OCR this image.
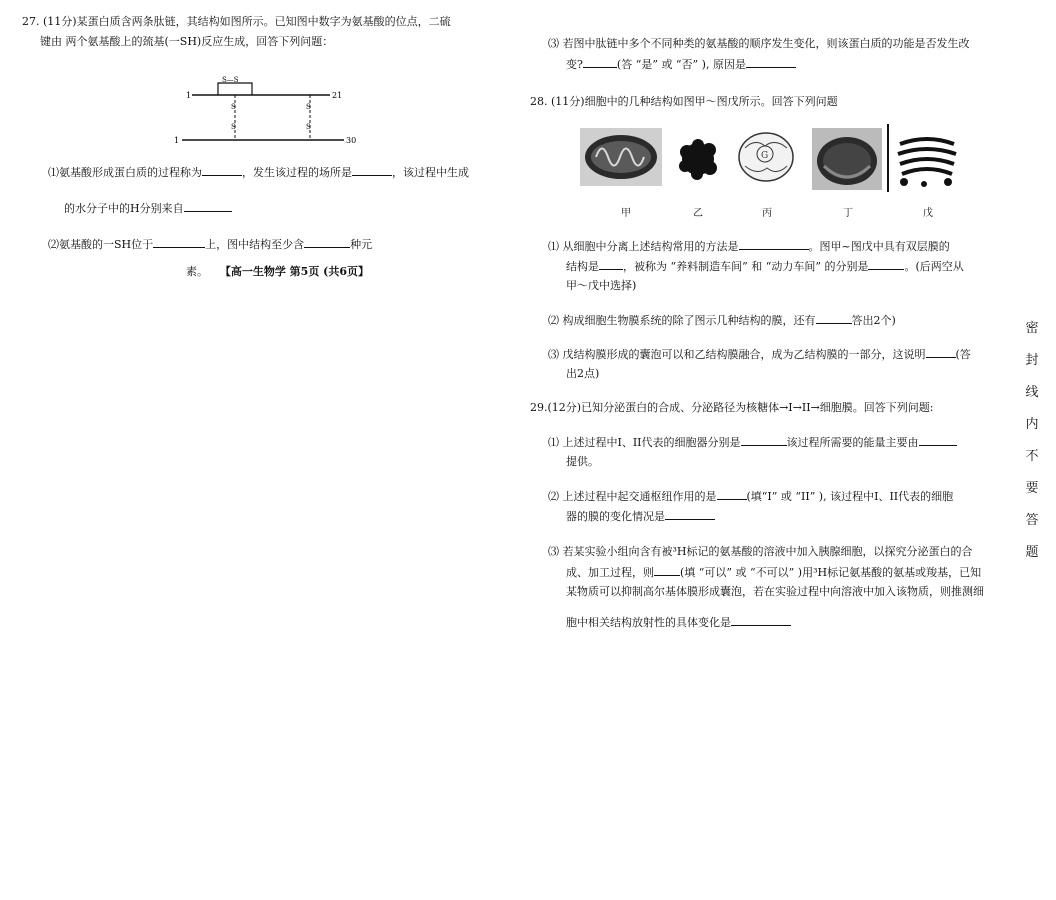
27. (11分)某蛋白质含两条肽链，其结构如图所示。已知图中数字为氨基酸的位点，二硫
键由 两个氨基酸上的巯基(一SH)反应生成，回答下列问题：
1	21
1	30
S—S
S
S
S
S
⑴氨基酸形成蛋白质的过程称为	，发生该过程的场所是	，该过程中生成
的水分子中的H分别来自
⑵氨基酸的一SH位于	上，图中结构至少含	种元
素。 【高一生物学 第5页 (共6页】
⑶ 若图中肽链中多个不同种类的氨基酸的顺序发生变化，则该蛋白质的功能是否发生改
变?	(答 “是” 或 “否” ), 原因是
28. (11分)细胞中的几种结构如图甲～图戊所示。回答下列问题
G
甲	乙	丙	丁	戊
⑴ 从细胞中分离上述结构常用的方法是	。图甲~图戊中具有双层膜的
结构是 ，被称为 “养料制造车间” 和 “动力车间” 的分别是	。(后两空从
甲～戊中选择)
⑵ 构成细胞生物膜系统的除了图示几种结构的膜，还有	答出2个)
⑶ 戊结构膜形成的囊泡可以和乙结构膜融合，成为乙结构膜的一部分，这说明	(答
出2点)
29.(12分)已知分泌蛋白的合成、分泌路径为核糖体→I→II→细胞膜。回答下列问题:
⑴ 上述过程中I、II代表的细胞器分别是	该过程所需要的能量主要由
提供。
⑵ 上述过程中起交通枢纽作用的是	(填“I” 或 “II” ), 该过程中I、II代表的细胞
器的膜的变化情况是
⑶ 若某实验小组向含有被³H标记的氨基酸的溶液中加入胰腺细胞，以探究分泌蛋白的合
成、加工过程，则 (填 “可以” 或 “不可以” )用³H标记氨基酸的氨基或羧基，已知
某物质可以抑制高尔基体膜形成囊泡，若在实验过程中向溶液中加入该物质，则推测细
胞中相关结构放射性的具体变化是
密
封
线
内
不
要
答
题
